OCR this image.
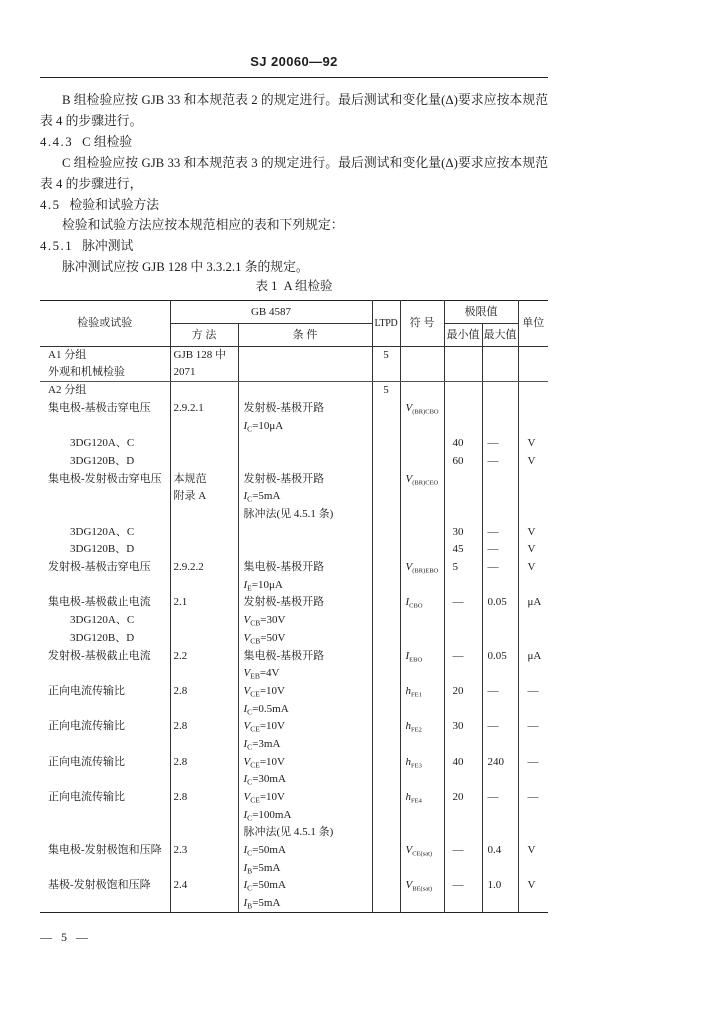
SJ 20060—92

B 组检验应按 GJB 33 和本规范表 2 的规定进行。最后测试和变化量(Δ)要求应按本规范表 4 的步骤进行。

4.4.3 C 组检验

C 组检验应按 GJB 33 和本规范表 3 的规定进行。最后测试和变化量(Δ)要求应按本规范表 4 的步骤进行，

4.5 检验和试验方法

检验和试验方法应按本规范相应的表和下列规定：

4.5.1 脉冲测试

脉冲测试应按 GJB 128 中 3.3.2.1 条的规定。

表 1  A 组检验
检验或试验	GB 4587		LTPD	符 号	极限值		单位
	方 法	条 件			最小值	最大值	
A1 分组	GJB 128 中		5				
外观和机械检验	2071						
A2 分组			5				
集电极-基极击穿电压	2.9.2.1	发射极-基极开路		$V_{(BR)CBO}$			
		$I_C=10\mu A$					
3DG120A、C					40	—	V
3DG120B、D					60	—	V
集电极-发射极击穿电压	本规范	发射极-基极开路		$V_{(BR)CEO}$			
	附录 A	$I_C=5mA$					
		脉冲法(见 4.5.1 条)					
3DG120A、C					30	—	V
3DG120B、D					45	—	V
发射极-基极击穿电压	2.9.2.2	集电极-基极开路		$V_{(BR)EBO}$	5	—	V
		$I_E=10\mu A$					
集电极-基极截止电流	2.1	发射极-基极开路		$I_{CBO}$	—	0.05	μA
3DG120A、C		$V_{CB}=30V$					
3DG120B、D		$V_{CB}=50V$					
发射极-基极截止电流	2.2	集电极-基极开路		$I_{EBO}$	—	0.05	μA
		$V_{EB}=4V$					
正向电流传输比	2.8	$V_{CE}=10V$		$h_{FE1}$	20	—	—
		$I_C=0.5mA$					
正向电流传输比	2.8	$V_{CE}=10V$		$h_{FE2}$	30	—	—
		$I_C=3mA$					
正向电流传输比	2.8	$V_{CE}=10V$		$h_{FE3}$	40	240	—
		$I_C=30mA$					
正向电流传输比	2.8	$V_{CE}=10V$		$h_{FE4}$	20	—	—
		$I_C=100mA$					
		脉冲法(见 4.5.1 条)					
集电极-发射极饱和压降	2.3	$I_C=50mA$		$V_{CE(sat)}$	—	0.4	V
		$I_B=5mA$					
基极-发射极饱和压降	2.4	$I_C=50mA$		$V_{BE(sat)}$	—	1.0	V
		$I_B=5mA$					
— 5 —
